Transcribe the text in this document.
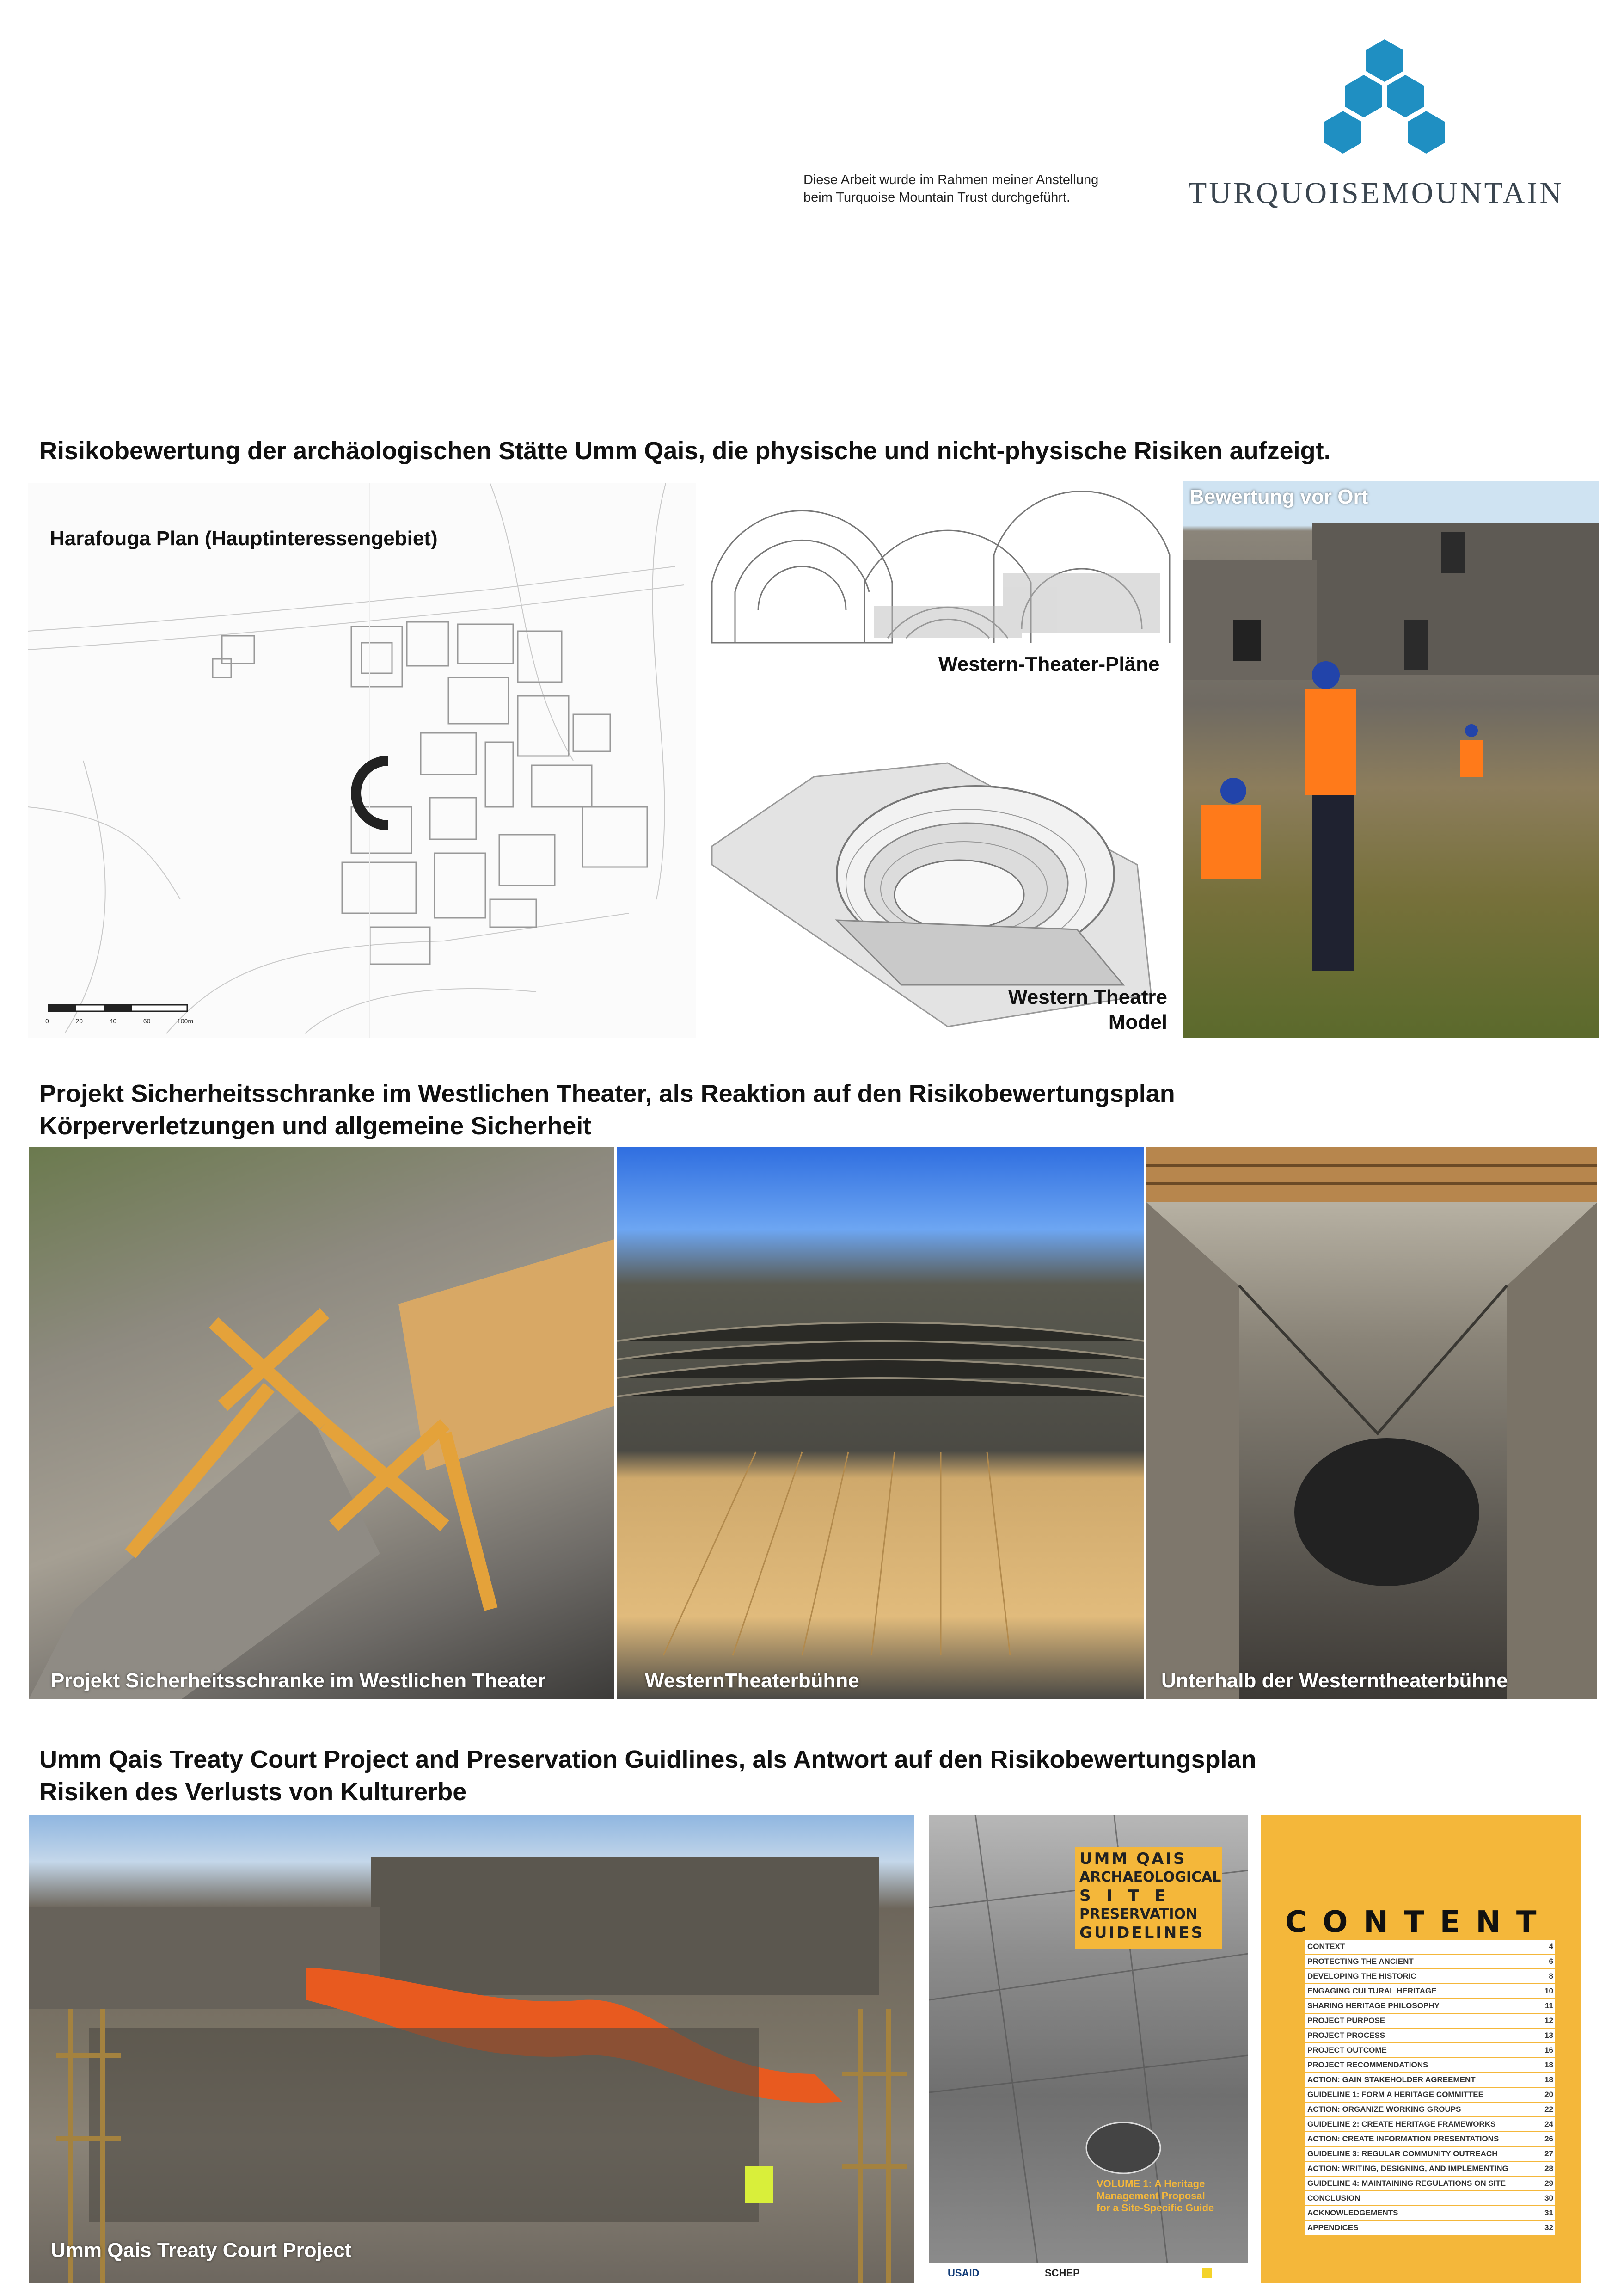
Diese Arbeit wurde im Rahmen meiner Anstellung
beim Turquoise Mountain Trust durchgeführt.	TURQUOISEMOUNTAIN
Risikobewertung der archäologischen Stätte Umm Qais, die physische und nicht-physische Risiken aufzeigt.
Harafouga Plan (Hauptinteressengebiet)
0	20	40	60	100m
Western-Theater-Pläne
Western Theatre
Model
Bewertung vor Ort
Projekt Sicherheitsschranke im Westlichen Theater, als Reaktion auf den Risikobewertungsplan
Körperverletzungen und allgemeine Sicherheit
Projekt Sicherheitsschranke im Westlichen Theater	WesternTheaterbühne	Unterhalb der Westerntheaterbühne
Umm Qais Treaty Court Project and Preservation Guidlines, als Antwort auf den Risikobewertungsplan
Risiken des Verlusts von Kulturerbe
Umm Qais Treaty Court Project
UMM QAIS
ARCHAEOLOGICAL
SITE
PRESERVATION
GUIDELINES
VOLUME 1: A Heritage
Management Proposal
for a Site-Specific Guide
USAID	SCHEP
CONTENT
CONTEXT	4
PROTECTING THE ANCIENT	6
DEVELOPING THE HISTORIC	8
ENGAGING CULTURAL HERITAGE	10
SHARING HERITAGE PHILOSOPHY	11
PROJECT PURPOSE	12
PROJECT PROCESS	13
PROJECT OUTCOME	16
PROJECT RECOMMENDATIONS	18
ACTION: GAIN STAKEHOLDER AGREEMENT	18
GUIDELINE 1: FORM A HERITAGE COMMITTEE	20
ACTION: ORGANIZE WORKING GROUPS	22
GUIDELINE 2: CREATE HERITAGE FRAMEWORKS	24
ACTION: CREATE INFORMATION PRESENTATIONS	26
GUIDELINE 3: REGULAR COMMUNITY OUTREACH	27
ACTION: WRITING, DESIGNING, AND IMPLEMENTING	28
GUIDELINE 4: MAINTAINING REGULATIONS ON SITE	29
CONCLUSION	30
ACKNOWLEDGEMENTS	31
APPENDICES	32
